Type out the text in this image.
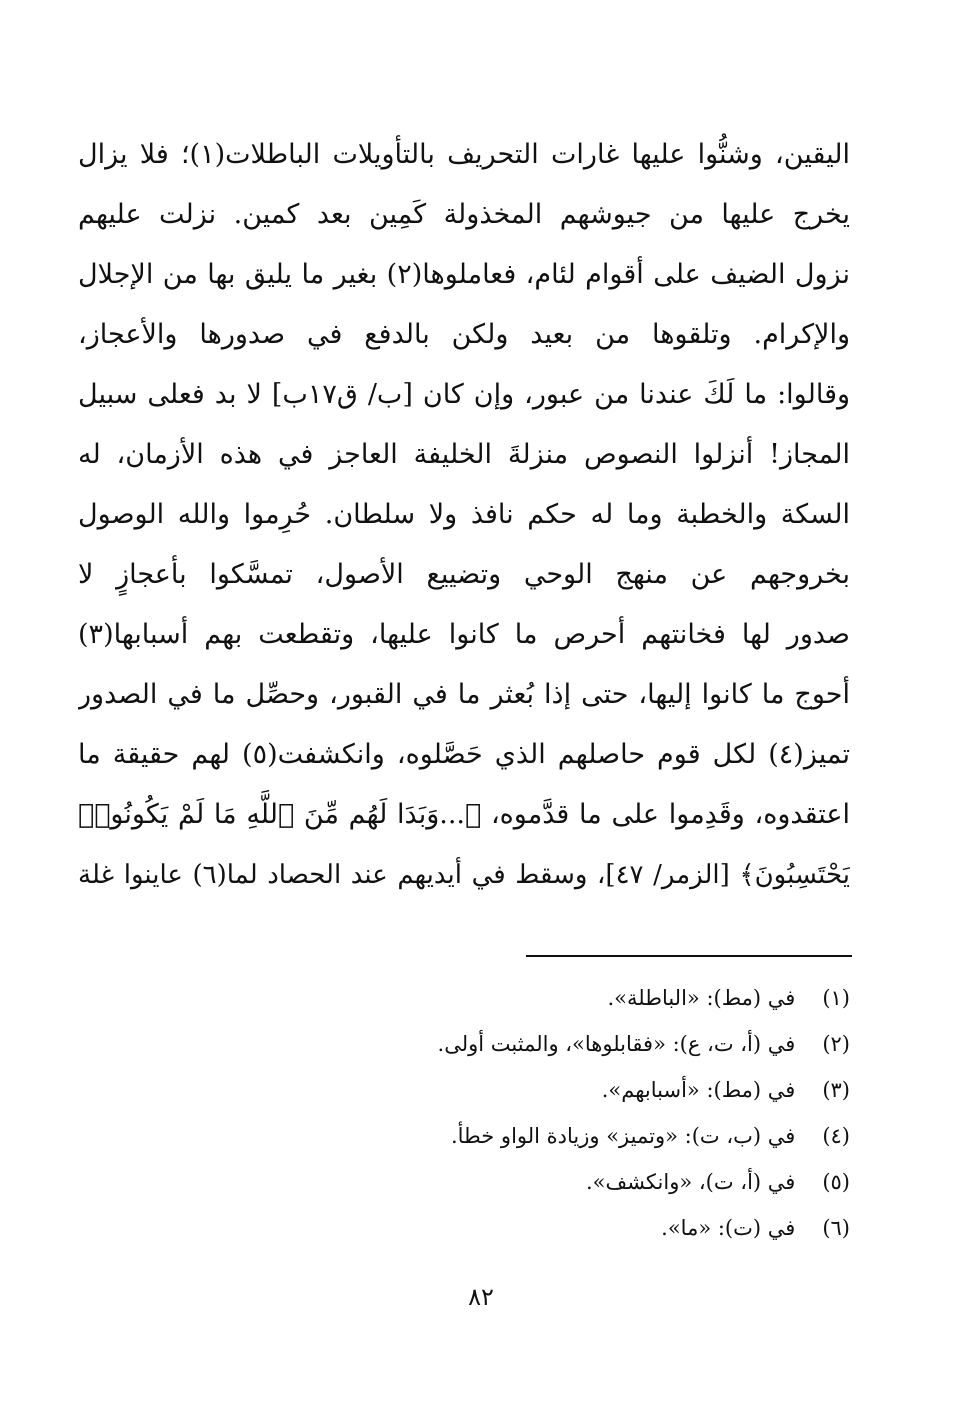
اليقين، وشنُّوا عليها غارات التحريف بالتأويلات الباطلات(١)؛ فلا يزال
يخرج عليها من جيوشهم المخذولة كَمِين بعد كمين. نزلت عليهم
نزول الضيف على أقوام لئام، فعاملوها(٢) بغير ما يليق بها من الإجلال
والإكرام. وتلقوها من بعيد ولكن بالدفع في صدورها والأعجاز،
وقالوا: ما لَكَ عندنا من عبور، وإن كان [ب/ ق١٧ب] لا بد فعلى سبيل
المجاز! أنزلوا النصوص منزلةَ الخليفة العاجز في هذه الأزمان، له
السكة والخطبة وما له حكم نافذ ولا سلطان. حُرِموا والله الوصول
بخروجهم عن منهج الوحي وتضييع الأصول، تمسَّكوا بأعجازٍ لا
صدور لها فخانتهم أحرص ما كانوا عليها، وتقطعت بهم أسبابها(٣)
أحوج ما كانوا إليها، حتى إذا بُعثر ما في القبور، وحصِّل ما في الصدور
تميز(٤) لكل قوم حاصلهم الذي حَصَّلوه، وانكشفت(٥) لهم حقيقة ما
اعتقدوه، وقَدِموا على ما قدَّموه، ﴿...وَبَدَا لَهُم مِّنَ ٱللَّهِ مَا لَمْ يَكُونُوا۟
يَحْتَسِبُونَ﴾ [الزمر/ ٤٧]، وسقط في أيديهم عند الحصاد لما(٦) عاينوا غلة
(١) في (مط): «الباطلة».
(٢) في (أ، ت، ع): «فقابلوها»، والمثبت أولى.
(٣) في (مط): «أسبابهم».
(٤) في (ب، ت): «وتميز» وزيادة الواو خطأ.
(٥) في (أ، ت)، «وانكشف».
(٦) في (ت): «ما».
٨٢
